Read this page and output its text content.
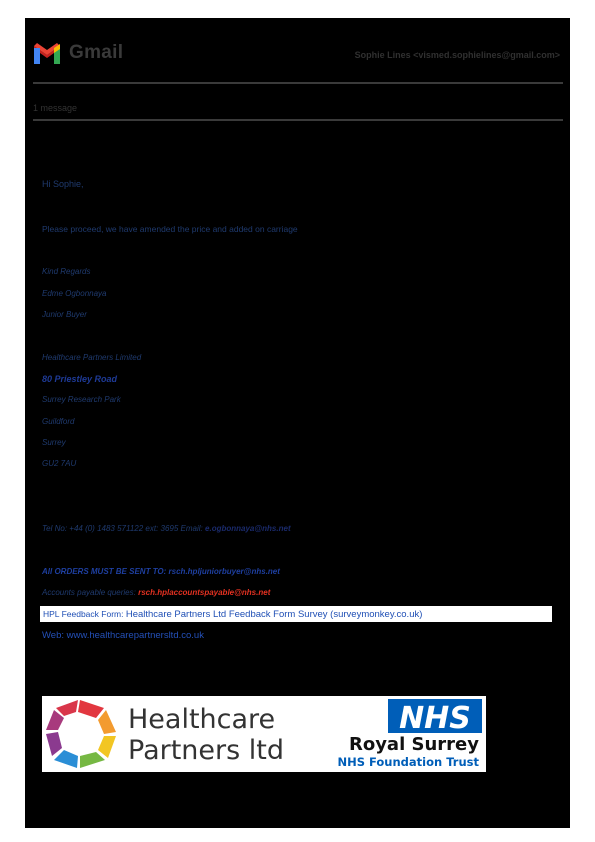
Gmail	Sophie Lines <vismed.sophielines@gmail.com>
1 message
Hi Sophie,
Please proceed, we have amended the price and added on carriage
Kind Regards
Edme Ogbonnaya
Junior Buyer
Healthcare Partners Limited
80 Priestley Road
Surrey Research Park
Guildford
Surrey
GU2 7AU
Tel No: +44 (0) 1483 571122 ext: 3695 Email: e.ogbonnaya@nhs.net
All ORDERS MUST BE SENT TO: rsch.hpljuniorbuyer@nhs.net
Accounts payable queries: rsch.hplaccountspayable@nhs.net
HPL Feedback Form: Healthcare Partners Ltd Feedback Form Survey (surveymonkey.co.uk)
Web: www.healthcarepartnersltd.co.uk
Healthcare
Partners ltd
NHS
Royal Surrey
NHS Foundation Trust
